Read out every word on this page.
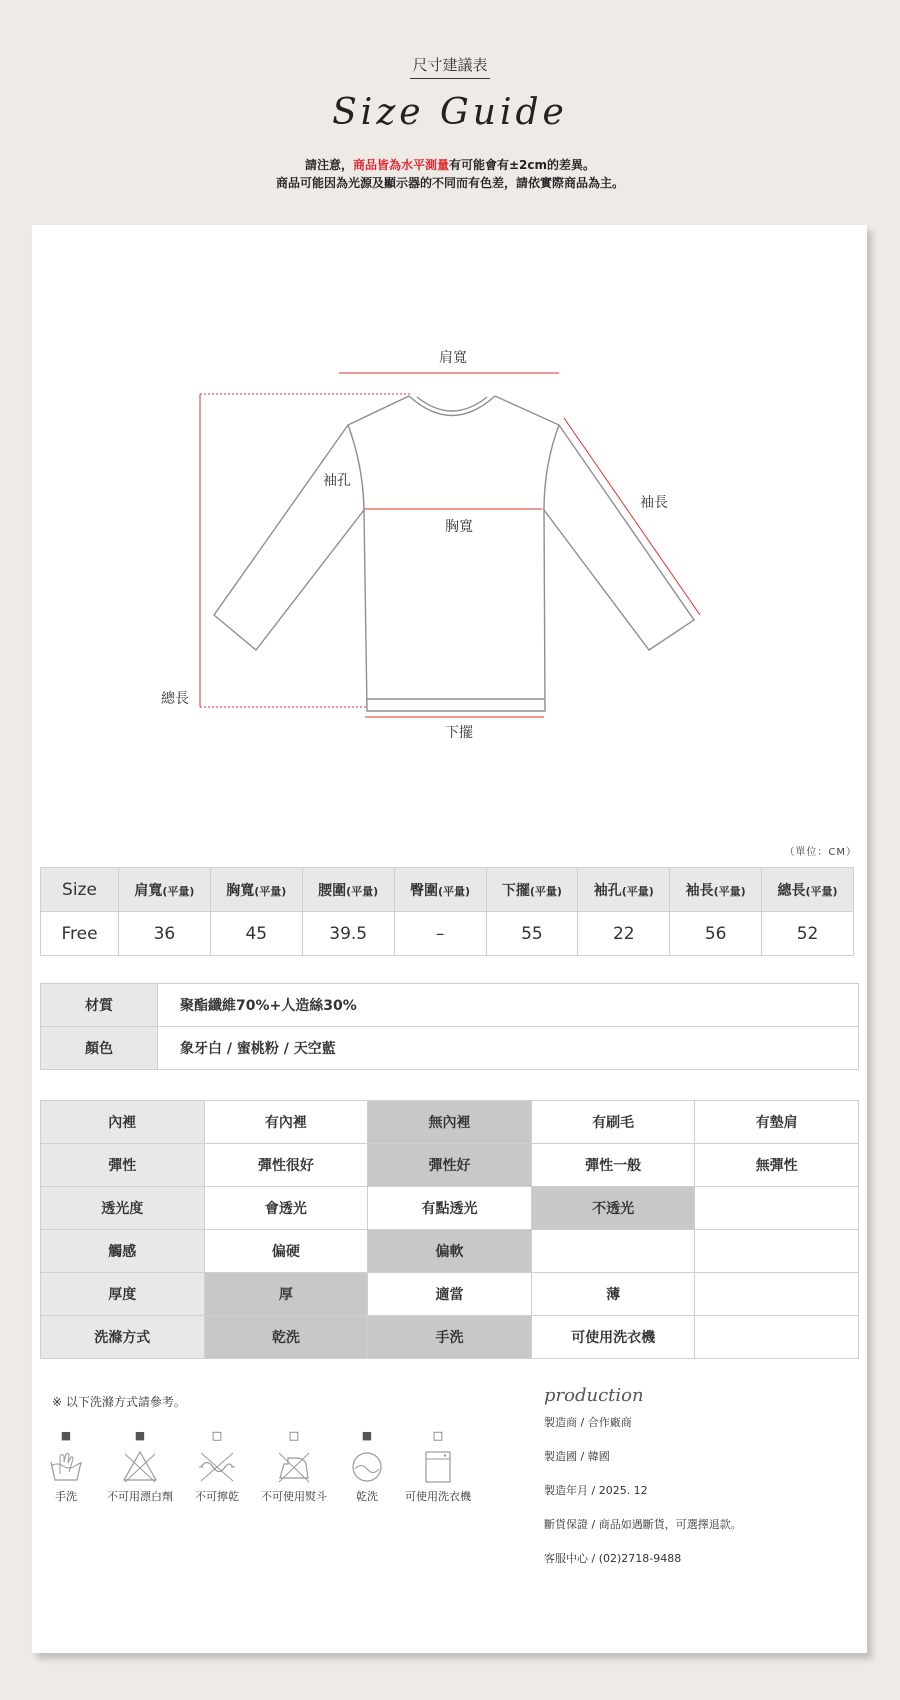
尺寸建議表
Size Guide
請注意，商品皆為水平測量有可能會有±2cm的差異。
商品可能因為光源及顯示器的不同而有色差，請依實際商品為主。
肩寬
袖孔
袖長
胸寬
總長
下擺
（單位：CM）
Size	肩寬(平量)	胸寬(平量)	腰圍(平量)	臀圍(平量)	下擺(平量)	袖孔(平量)	袖長(平量)	總長(平量)
Free	36	45	39.5	–	55	22	56	52
材質	聚酯纖維70%+人造絲30%
顏色	象牙白 / 蜜桃粉 / 天空藍
內裡	有內裡	無內裡	有刷毛	有墊肩
彈性	彈性很好	彈性好	彈性一般	無彈性
透光度	會透光	有點透光	不透光	
觸感	偏硬	偏軟		
厚度	厚	適當	薄	
洗滌方式	乾洗	手洗	可使用洗衣機	
※ 以下洗滌方式請參考。
■
手洗
■
不可用漂白劑
□
不可擰乾
□
不可使用熨斗
■
乾洗
□
可使用洗衣機
production
製造商 / 合作廠商
製造國 / 韓國
製造年月 / 2025. 12
斷貨保證 / 商品如遇斷貨，可選擇退款。
客服中心 / (02)2718-9488
